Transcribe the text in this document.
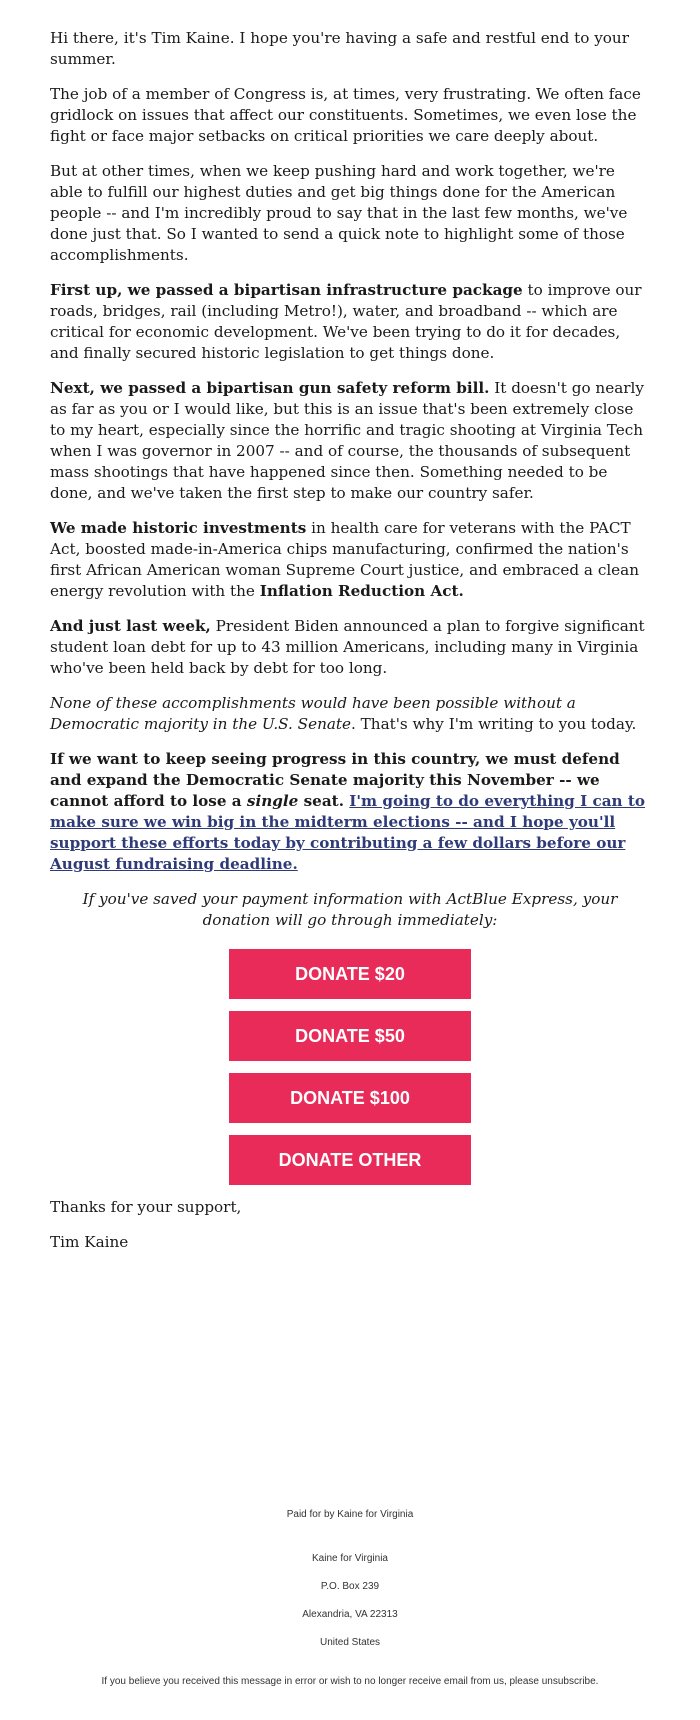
Hi there, it's Tim Kaine. I hope you're having a safe and restful end to your summer.

The job of a member of Congress is, at times, very frustrating. We often face gridlock on issues that affect our constituents. Sometimes, we even lose the fight or face major setbacks on critical priorities we care deeply about.

But at other times, when we keep pushing hard and work together, we're able to fulfill our highest duties and get big things done for the American people -- and I'm incredibly proud to say that in the last few months, we've done just that. So I wanted to send a quick note to highlight some of those accomplishments.

First up, we passed a bipartisan infrastructure package to improve our roads, bridges, rail (including Metro!), water, and broadband -- which are critical for economic development. We've been trying to do it for decades, and finally secured historic legislation to get things done.

Next, we passed a bipartisan gun safety reform bill. It doesn't go nearly as far as you or I would like, but this is an issue that's been extremely close to my heart, especially since the horrific and tragic shooting at Virginia Tech when I was governor in 2007 -- and of course, the thousands of subsequent mass shootings that have happened since then. Something needed to be done, and we've taken the first step to make our country safer.

We made historic investments in health care for veterans with the PACT Act, boosted made-in-America chips manufacturing, confirmed the nation's first African American woman Supreme Court justice, and embraced a clean energy revolution with the Inflation Reduction Act.

And just last week, President Biden announced a plan to forgive significant student loan debt for up to 43 million Americans, including many in Virginia who've been held back by debt for too long.

None of these accomplishments would have been possible without a Democratic majority in the U.S. Senate. That's why I'm writing to you today.

If we want to keep seeing progress in this country, we must defend and expand the Democratic Senate majority this November -- we cannot afford to lose a single seat. I'm going to do everything I can to make sure we win big in the midterm elections -- and I hope you'll support these efforts today by contributing a few dollars before our August fundraising deadline.

If you've saved your payment information with ActBlue Express, your donation will go through immediately:

DONATE $20
DONATE $50
DONATE $100
DONATE OTHER

Thanks for your support,

Tim Kaine

Paid for by Kaine for Virginia
Kaine for Virginia
P.O. Box 239
Alexandria, VA 22313
United States
If you believe you received this message in error or wish to no longer receive email from us, please unsubscribe.
